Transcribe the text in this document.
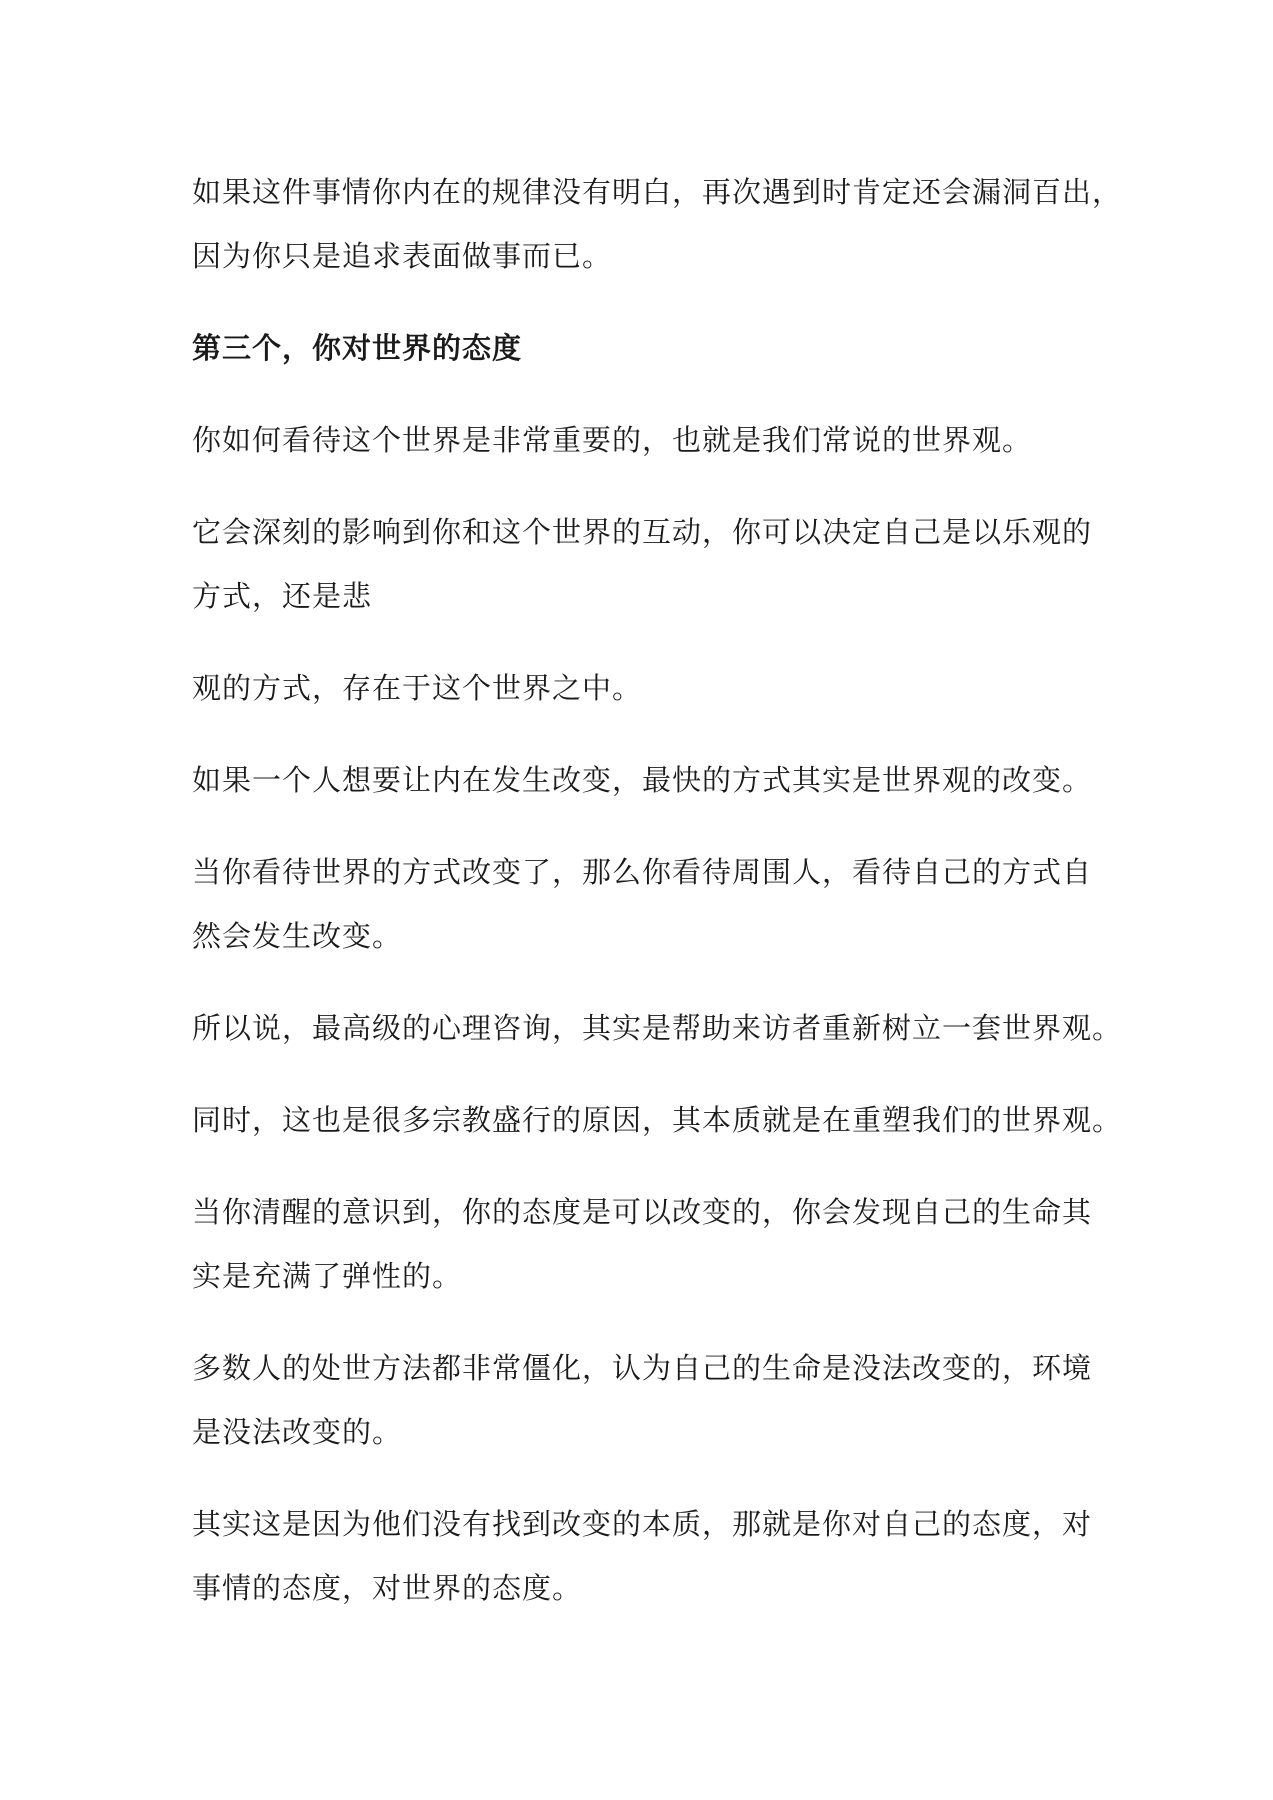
如果这件事情你内在的规律没有明白，再次遇到时肯定还会漏洞百出，
因为你只是追求表面做事而已。

第三个，你对世界的态度

你如何看待这个世界是非常重要的，也就是我们常说的世界观。

它会深刻的影响到你和这个世界的互动，你可以决定自己是以乐观的
方式，还是悲

观的方式，存在于这个世界之中。

如果一个人想要让内在发生改变，最快的方式其实是世界观的改变。

当你看待世界的方式改变了，那么你看待周围人，看待自己的方式自
然会发生改变。

所以说，最高级的心理咨询，其实是帮助来访者重新树立一套世界观。

同时，这也是很多宗教盛行的原因，其本质就是在重塑我们的世界观。

当你清醒的意识到，你的态度是可以改变的，你会发现自己的生命其
实是充满了弹性的。

多数人的处世方法都非常僵化，认为自己的生命是没法改变的，环境
是没法改变的。

其实这是因为他们没有找到改变的本质，那就是你对自己的态度，对
事情的态度，对世界的态度。
